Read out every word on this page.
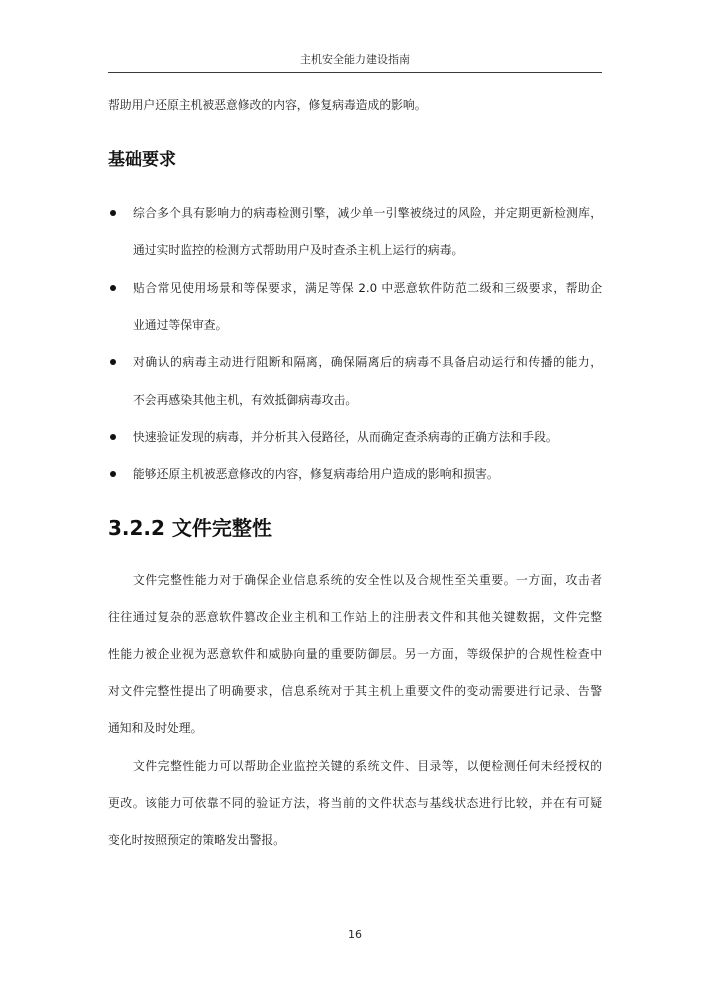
主机安全能力建设指南
帮助用户还原主机被恶意修改的内容，修复病毒造成的影响。
基础要求
综合多个具有影响力的病毒检测引擎，减少单一引擎被绕过的风险，并定期更新检测库，
通过实时监控的检测方式帮助用户及时查杀主机上运行的病毒。
贴合常见使用场景和等保要求，满足等保 2.0 中恶意软件防范二级和三级要求，帮助企
业通过等保审查。
对确认的病毒主动进行阻断和隔离，确保隔离后的病毒不具备启动运行和传播的能力，
不会再感染其他主机，有效抵御病毒攻击。
快速验证发现的病毒，并分析其入侵路径，从而确定查杀病毒的正确方法和手段。
能够还原主机被恶意修改的内容，修复病毒给用户造成的影响和损害。
3.2.2 文件完整性
文件完整性能力对于确保企业信息系统的安全性以及合规性至关重要。一方面，攻击者
往往通过复杂的恶意软件篡改企业主机和工作站上的注册表文件和其他关键数据，文件完整
性能力被企业视为恶意软件和威胁向量的重要防御层。另一方面，等级保护的合规性检查中
对文件完整性提出了明确要求，信息系统对于其主机上重要文件的变动需要进行记录、告警
通知和及时处理。
文件完整性能力可以帮助企业监控关键的系统文件、目录等，以便检测任何未经授权的
更改。该能力可依靠不同的验证方法，将当前的文件状态与基线状态进行比较，并在有可疑
变化时按照预定的策略发出警报。
16
